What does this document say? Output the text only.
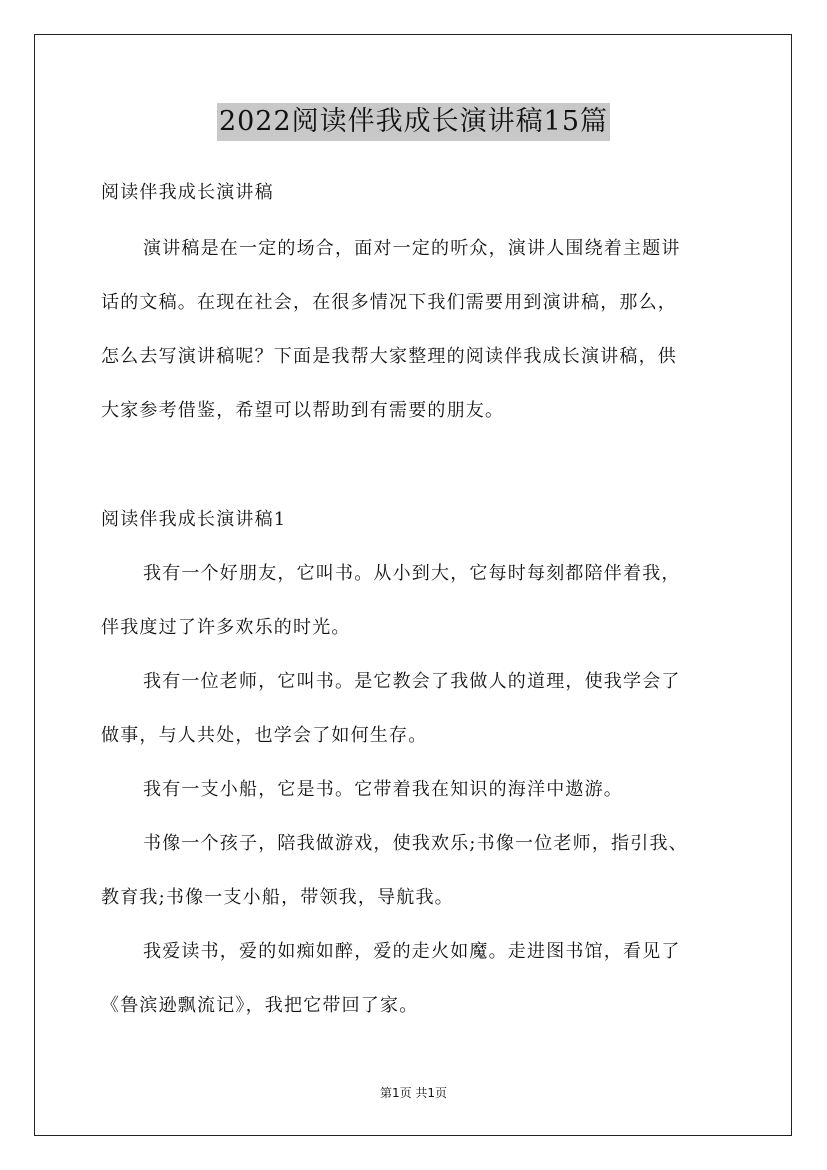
2022阅读伴我成长演讲稿15篇
阅读伴我成长演讲稿
演讲稿是在一定的场合，面对一定的听众，演讲人围绕着主题讲
话的文稿。在现在社会，在很多情况下我们需要用到演讲稿，那么，
怎么去写演讲稿呢？下面是我帮大家整理的阅读伴我成长演讲稿，供
大家参考借鉴，希望可以帮助到有需要的朋友。
阅读伴我成长演讲稿1
我有一个好朋友，它叫书。从小到大，它每时每刻都陪伴着我，
伴我度过了许多欢乐的时光。
我有一位老师，它叫书。是它教会了我做人的道理，使我学会了
做事，与人共处，也学会了如何生存。
我有一支小船，它是书。它带着我在知识的海洋中遨游。
书像一个孩子，陪我做游戏，使我欢乐;书像一位老师，指引我、
教育我;书像一支小船，带领我，导航我。
我爱读书，爱的如痴如醉，爱的走火如魔。走进图书馆，看见了
《鲁滨逊飘流记》，我把它带回了家。
第1页 共1页
